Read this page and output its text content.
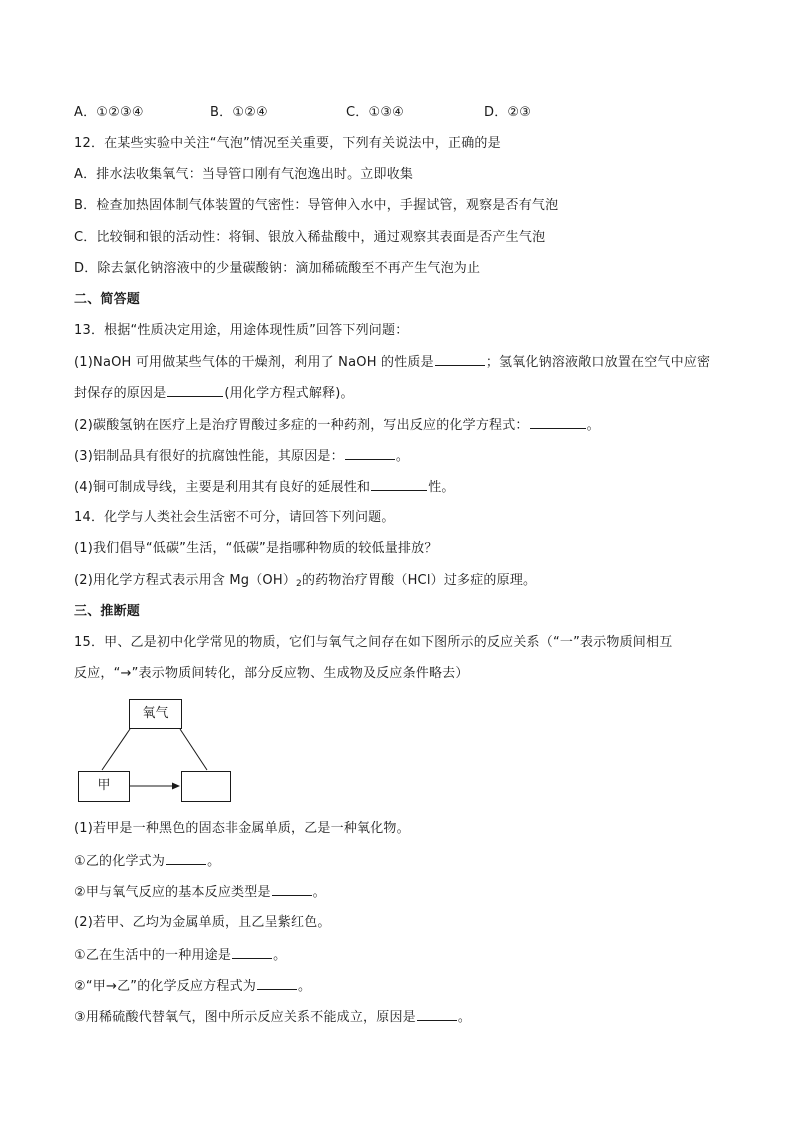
A．①②③④	B．①②④	C．①③④	D．②③
12．在某些实验中关注“气泡”情况至关重要，下列有关说法中，正确的是
A．排水法收集氧气：当导管口刚有气泡逸出时。立即收集
B．检查加热固体制气体装置的气密性：导管伸入水中，手握试管，观察是否有气泡
C．比较铜和银的活动性：将铜、银放入稀盐酸中，通过观察其表面是否产生气泡
D．除去氯化钠溶液中的少量碳酸钠：滴加稀硫酸至不再产生气泡为止
二、简答题
13．根据“性质决定用途，用途体现性质”回答下列问题：
(1)NaOH 可用做某些气体的干燥剂，利用了 NaOH 的性质是	；氢氧化钠溶液敞口放置在空气中应密
封保存的原因是	(用化学方程式解释)。
(2)碳酸氢钠在医疗上是治疗胃酸过多症的一种药剂，写出反应的化学方程式：	。
(3)铝制品具有很好的抗腐蚀性能，其原因是：	。
(4)铜可制成导线，主要是利用其有良好的延展性和	性。
14．化学与人类社会生活密不可分，请回答下列问题。
(1)我们倡导“低碳”生活，“低碳”是指哪种物质的较低量排放？
(2)用化学方程式表示用含 $Mg(OH)_2$的药物治疗胃酸（HCl）过多症的原理。
三、推断题
15．甲、乙是初中化学常见的物质，它们与氧气之间存在如下图所示的反应关系（“一”表示物质间相互
反应，“→”表示物质间转化，部分反应物、生成物及反应条件略去）
氧气
甲
(1)若甲是一种黑色的固态非金属单质，乙是一种氧化物。
①乙的化学式为	。
②甲与氧气反应的基本反应类型是	。
(2)若甲、乙均为金属单质，且乙呈紫红色。
①乙在生活中的一种用途是	。
②“甲→乙”的化学反应方程式为	。
③用稀硫酸代替氧气，图中所示反应关系不能成立，原因是	。
